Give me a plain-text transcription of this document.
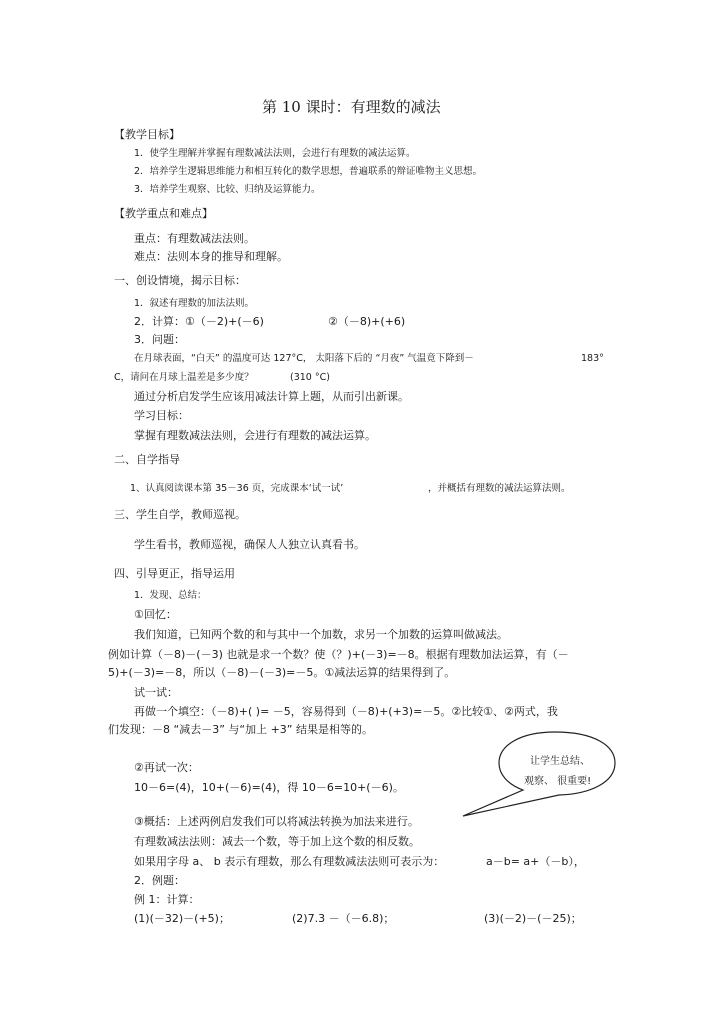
第 10 课时：有理数的减法
【教学目标】
1．使学生理解并掌握有理数减法法则，会进行有理数的减法运算。
2．培养学生逻辑思维能力和相互转化的数学思想，普遍联系的辩证唯物主义思想。
3．培养学生观察、比较、归纳及运算能力。
【教学重点和难点】
重点：有理数减法法则。
难点：法则本身的推导和理解。
一、创设情境，揭示目标：
1．叙述有理数的加法法则。
2．计算：①（－2)+(－6)	②（－8)+(+6)
3．问题：
在月球表面，“白天” 的温度可达 127°C， 太阳落下后的 “月夜” 气温竟下降到－	183°
C，请问在月球上温差是多少度？	(310 °C)
通过分析启发学生应该用减法计算上题，从而引出新课。
学习目标：
掌握有理数减法法则，会进行有理数的减法运算。
二、自学指导
1、认真阅读课本第 35－36 页，完成课本‘试一试’	，并概括有理数的减法运算法则。
三、学生自学，教师巡视。
学生看书，教师巡视，确保人人独立认真看书。
四、引导更正，指导运用
1．发现、总结：
①回忆：
我们知道，已知两个数的和与其中一个加数，求另一个加数的运算叫做减法。
例如计算（－8)－(－3) 也就是求一个数？使（？)+(－3)=－8。根据有理数加法运算，有（－
5)+(－3)=－8，所以（－8)－(－3)=－5。①减法运算的结果得到了。
试一试：
再做一个填空：（－8)+( )= －5，容易得到（－8)+(+3)=－5。②比较①、②两式，我
们发现：－8 “减去－3” 与“加上 +3” 结果是相等的。
②再试一次：
10－6=(4)，10+(－6)=(4)，得 10－6=10+(－6)。
③概括：上述两例启发我们可以将减法转换为加法来进行。
有理数减法法则：减去一个数，等于加上这个数的相反数。
如果用字母 a、 b 表示有理数，那么有理数减法法则可表示为：	a－b= a+（－b），
2．例题：
例 1：计算：
(1)(－32)－(+5)；	(2)7.3 －（－6.8)；	(3)(－2)－(－25)；
让学生总结、
观察、 很重要!
